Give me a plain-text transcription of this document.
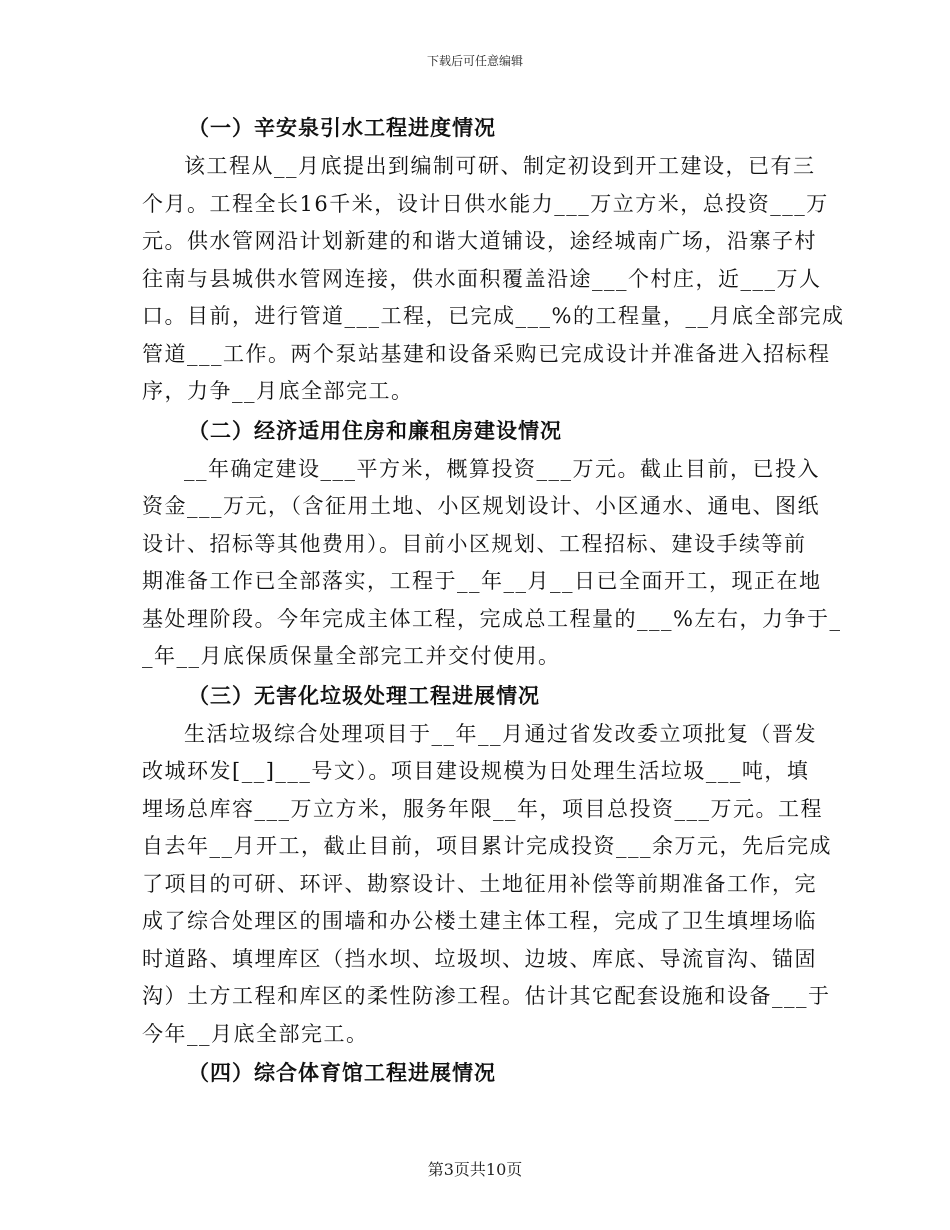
下载后可任意编辑
（一）辛安泉引水工程进度情况
该工程从__月底提出到编制可研、制定初设到开工建设，已有三
个月。工程全长16千米，设计日供水能力___万立方米，总投资___万
元。供水管网沿计划新建的和谐大道铺设，途经城南广场，沿寨子村
往南与县城供水管网连接，供水面积覆盖沿途___个村庄，近___万人
口。目前，进行管道___工程，已完成___%的工程量，__月底全部完成
管道___工作。两个泵站基建和设备采购已完成设计并准备进入招标程
序，力争__月底全部完工。
（二）经济适用住房和廉租房建设情况
__年确定建设___平方米，概算投资___万元。截止目前，已投入
资金___万元，（含征用土地、小区规划设计、小区通水、通电、图纸
设计、招标等其他费用）。目前小区规划、工程招标、建设手续等前
期准备工作已全部落实，工程于__年__月__日已全面开工，现正在地
基处理阶段。今年完成主体工程，完成总工程量的___%左右，力争于_
_年__月底保质保量全部完工并交付使用。
（三）无害化垃圾处理工程进展情况
生活垃圾综合处理项目于__年__月通过省发改委立项批复（晋发
改城环发[__]___号文）。项目建设规模为日处理生活垃圾___吨，填
埋场总库容___万立方米，服务年限__年，项目总投资___万元。工程
自去年__月开工，截止目前，项目累计完成投资___余万元，先后完成
了项目的可研、环评、勘察设计、土地征用补偿等前期准备工作，完
成了综合处理区的围墙和办公楼土建主体工程，完成了卫生填埋场临
时道路、填埋库区（挡水坝、垃圾坝、边坡、库底、导流盲沟、锚固
沟）土方工程和库区的柔性防渗工程。估计其它配套设施和设备___于
今年__月底全部完工。
（四）综合体育馆工程进展情况
第3页共10页
